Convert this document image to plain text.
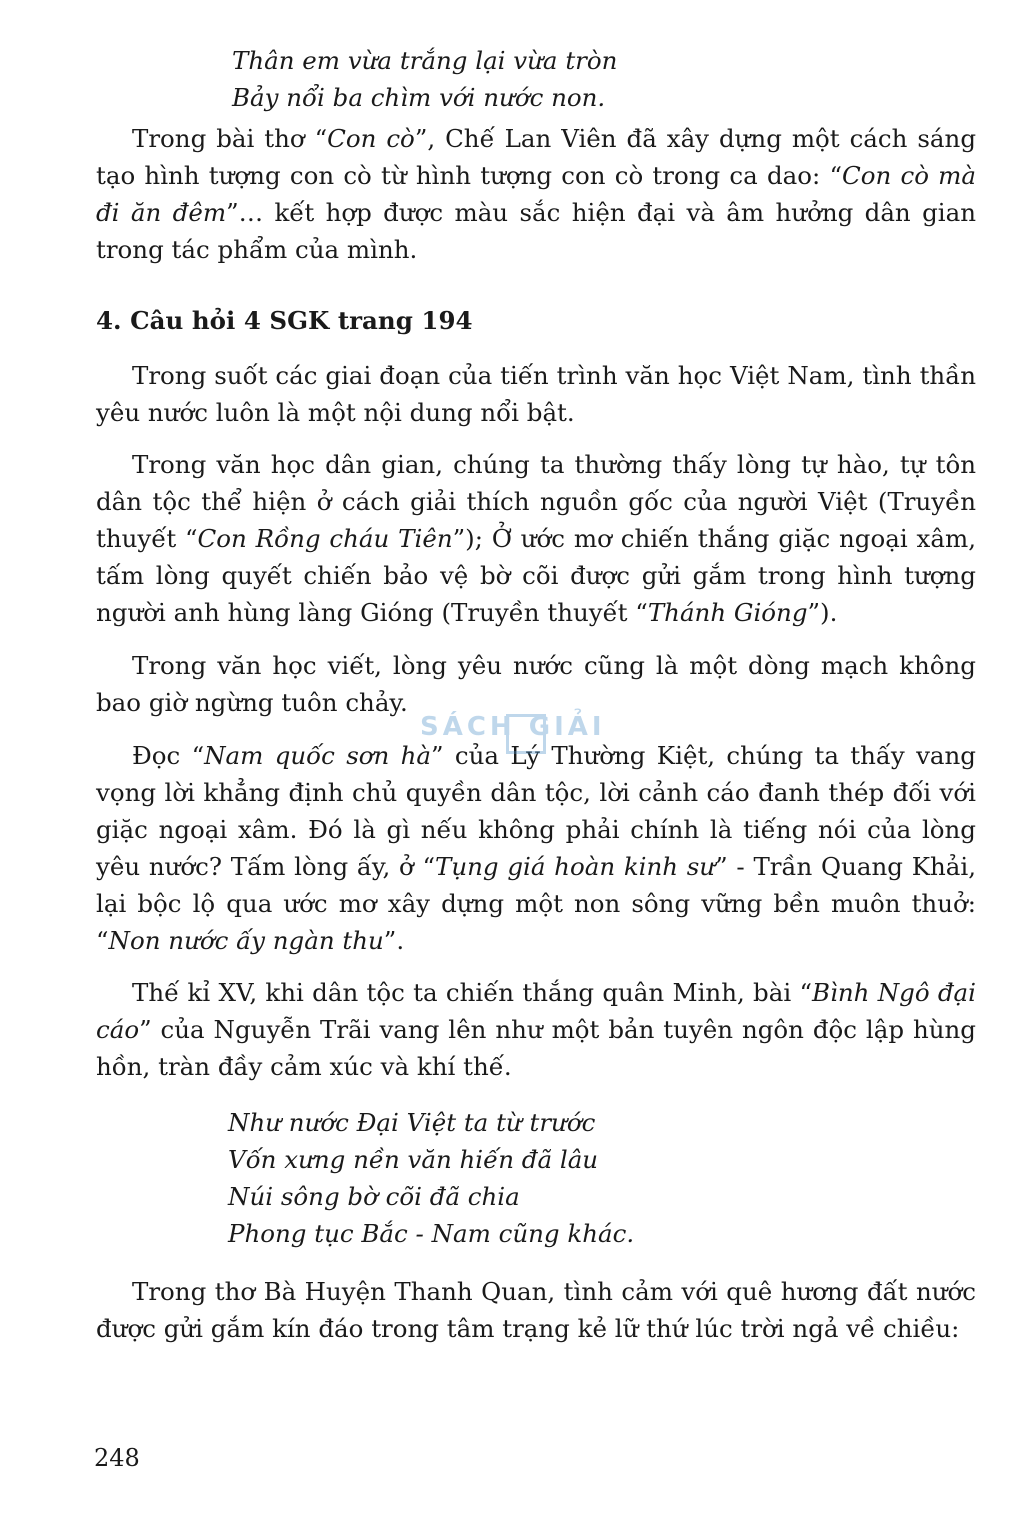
Thân em vừa trắng lại vừa tròn
Bảy nổi ba chìm với nước non.

Trong bài thơ “Con cò”, Chế Lan Viên đã xây dựng một cách sáng tạo hình tượng con cò từ hình tượng con cò trong ca dao: “Con cò mà đi ăn đêm”… kết hợp được màu sắc hiện đại và âm hưởng dân gian trong tác phẩm của mình.

4. Câu hỏi 4 SGK trang 194

Trong suốt các giai đoạn của tiến trình văn học Việt Nam, tình thần yêu nước luôn là một nội dung nổi bật.

Trong văn học dân gian, chúng ta thường thấy lòng tự hào, tự tôn dân tộc thể hiện ở cách giải thích nguồn gốc của người Việt (Truyền thuyết “Con Rồng cháu Tiên”); Ở ước mơ chiến thắng giặc ngoại xâm, tấm lòng quyết chiến bảo vệ bờ cõi được gửi gắm trong hình tượng người anh hùng làng Gióng (Truyền thuyết “Thánh Gióng”).

Trong văn học viết, lòng yêu nước cũng là một dòng mạch không bao giờ ngừng tuôn chảy.

Đọc “Nam quốc sơn hà” của Lý Thường Kiệt, chúng ta thấy vang vọng lời khẳng định chủ quyền dân tộc, lời cảnh cáo đanh thép đối với giặc ngoại xâm. Đó là gì nếu không phải chính là tiếng nói của lòng yêu nước? Tấm lòng ấy, ở “Tụng giá hoàn kinh sư” - Trần Quang Khải, lại bộc lộ qua ước mơ xây dựng một non sông vững bền muôn thuở: “Non nước ấy ngàn thu”.

Thế kỉ XV, khi dân tộc ta chiến thắng quân Minh, bài “Bình Ngô đại cáo” của Nguyễn Trãi vang lên như một bản tuyên ngôn độc lập hùng hồn, tràn đầy cảm xúc và khí thế.

Như nước Đại Việt ta từ trước
Vốn xưng nền văn hiến đã lâu
Núi sông bờ cõi đã chia
Phong tục Bắc - Nam cũng khác.

Trong thơ Bà Huyện Thanh Quan, tình cảm với quê hương đất nước được gửi gắm kín đáo trong tâm trạng kẻ lữ thứ lúc trời ngả về chiều:

SÁCH GIẢI
248
